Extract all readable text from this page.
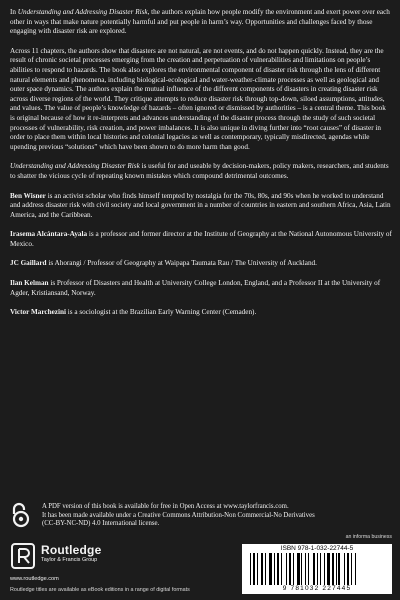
In Understanding and Addressing Disaster Risk, the authors explain how people modify the environment and exert power over each other in ways that make nature potentially harmful and put people in harm’s way. Opportunities and challenges faced by those engaging with disaster risk are explored.

Across 11 chapters, the authors show that disasters are not natural, are not events, and do not happen quickly. Instead, they are the result of chronic societal processes emerging from the creation and perpetuation of vulnerabilities and limitations on people’s abilities to respond to hazards. The book also explores the environmental component of disaster risk through the lens of different natural elements and phenomena, including biological-ecological and water-weather-climate processes as well as geological and outer space dynamics. The authors explain the mutual influence of the different components of disasters in creating disaster risk across diverse regions of the world. They critique attempts to reduce disaster risk through top-down, siloed assumptions, attitudes, and values. The value of people’s knowledge of hazards – often ignored or dismissed by authorities – is a central theme. This book is original because of how it re-interprets and advances understanding of the disaster process through the study of such societal processes of vulnerability, risk creation, and power imbalances. It is also unique in diving further into “root causes” of disaster in order to place them within local histories and colonial legacies as well as contemporary, typically misdirected, agendas while upending previous “solutions” which have been shown to do more harm than good.

Understanding and Addressing Disaster Risk is useful for and useable by decision-makers, policy makers, researchers, and students to shatter the vicious cycle of repeating known mistakes which compound detrimental outcomes.

Ben Wisner is an activist scholar who finds himself tempted by nostalgia for the 70s, 80s, and 90s when he worked to understand and address disaster risk with civil society and local government in a number of countries in eastern and southern Africa, Asia, Latin America, and the Caribbean.

Irasema Alcántara-Ayala is a professor and former director at the Institute of Geography at the National Autonomous University of Mexico.

JC Gaillard is Ahorangi / Professor of Geography at Waipapa Taumata Rau / The University of Auckland.

Ilan Kelman is Professor of Disasters and Health at University College London, England, and a Professor II at the University of Agder, Kristiansand, Norway.

Victor Marchezini is a sociologist at the Brazilian Early Warning Center (Cemaden).

A PDF version of this book is available for free in Open Access at www.taylorfrancis.com.
It has been made available under a Creative Commons Attribution-Non Commercial-No Derivatives
(CC-BY-NC-ND) 4.0 International license.
Routledge
Taylor & Francis Group
www.routledge.com
Routledge titles are available as eBook editions in a range of digital formats
an informa business
ISBN 978-1-032-22744-5
9 781032 227445
